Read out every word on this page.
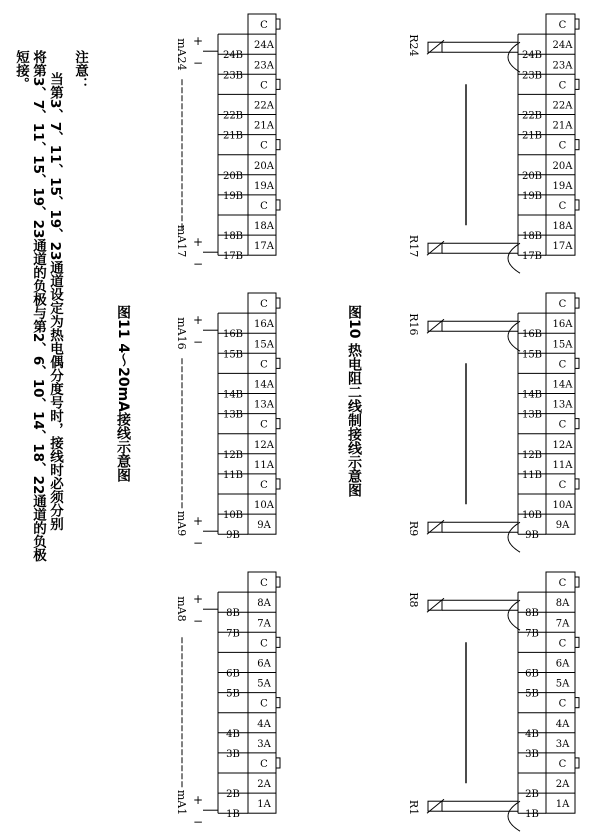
注意：
当第3、7、11、15、19、23通道设定为热电偶分度号时，接线时必须分别
将第3、7、11、15、19、23通道的负极与第2、6、10、14、18、22通道的负极
短接。
图11 4～20mA接线示意图	图10 热电阻二线制接线示意图
C
24A
23A
C
22A
21A
C
20A
19A
C
18A
17A
24B
23B
22B
21B
20B
19B
18B
17B
+
−
+
−
mA24
mA17
C
16A
15A
C
14A
13A
C
12A
11A
C
10A
9A
16B
15B
14B
13B
12B
11B
10B
9B
+
−
+
−
mA16
mA9
C
8A
7A
C
6A
5A
C
4A
3A
C
2A
1A
8B
7B
6B
5B
4B
3B
2B
1B
+
−
+
−
mA8
mA1
C
24A
23A
C
22A
21A
C
20A
19A
C
18A
17A
24B
23B
22B
21B
20B
19B
18B
17B
R24
R17
C
16A
15A
C
14A
13A
C
12A
11A
C
10A
9A
16B
15B
14B
13B
12B
11B
10B
9B
R16
R9
C
8A
7A
C
6A
5A
C
4A
3A
C
2A
1A
8B
7B
6B
5B
4B
3B
2B
1B
R8
R1
